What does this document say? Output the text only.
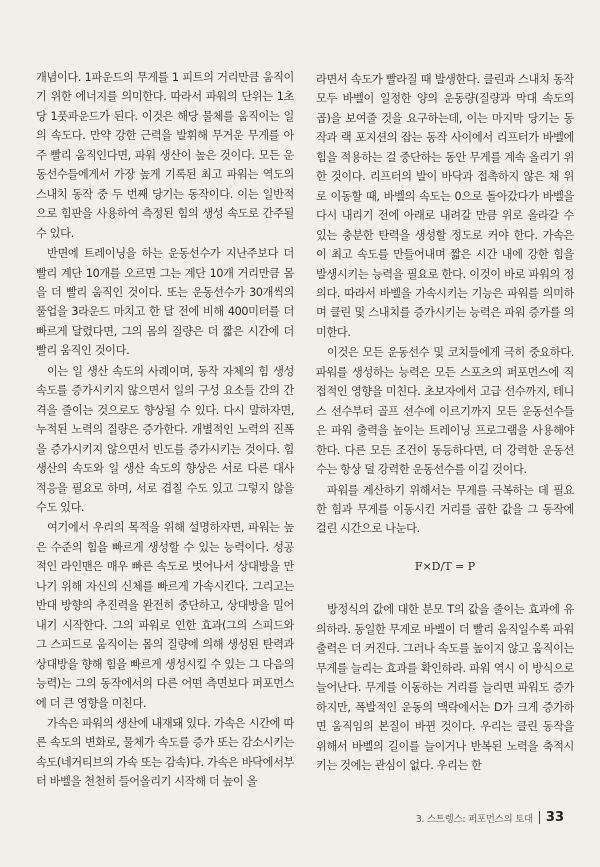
개념이다. 1파운드의 무게를 1 피트의 거리만큼 움직이기 위한 에너지를 의미한다. 따라서 파워의 단위는 1초당 1풋파운드가 된다. 이것은 해당 물체를 움직이는 일의 속도다. 만약 강한 근력을 발휘해 무거운 무게를 아주 빨리 움직인다면, 파워 생산이 높은 것이다. 모든 운동선수들에게서 가장 높게 기록된 최고 파워는 역도의 스내치 동작 중 두 번째 당기는 동작이다. 이는 일반적으로 힘판을 사용하여 측정된 힘의 생성 속도로 간주될 수 있다.

반면에 트레이닝을 하는 운동선수가 지난주보다 더 빨리 계단 10개를 오르면 그는 계단 10개 거리만큼 몸을 더 빨리 움직인 것이다. 또는 운동선수가 30개씩의 풀업을 3라운드 마치고 한 달 전에 비해 400미터를 더 빠르게 달렸다면, 그의 몸의 질량은 더 짧은 시간에 더 빨리 움직인 것이다.

이는 일 생산 속도의 사례이며, 동작 자체의 힘 생성 속도를 증가시키지 않으면서 일의 구성 요소들 간의 간격을 줄이는 것으로도 향상될 수 있다. 다시 말하자면, 누적된 노력의 질량은 증가한다. 개별적인 노력의 진폭을 증가시키지 않으면서 빈도를 증가시키는 것이다. 힘 생산의 속도와 일 생산 속도의 향상은 서로 다른 대사 적응을 필요로 하며, 서로 겹칠 수도 있고 그렇지 않을 수도 있다.

여기에서 우리의 목적을 위해 설명하자면, 파워는 높은 수준의 힘을 빠르게 생성할 수 있는 능력이다. 성공적인 라인맨은 매우 빠른 속도로 벗어나서 상대방을 만나기 위해 자신의 신체를 빠르게 가속시킨다. 그리고는 반대 방향의 추진력을 완전히 중단하고, 상대방을 밀어내기 시작한다. 그의 파워로 인한 효과(그의 스피드와 그 스피드로 움직이는 몸의 질량에 의해 생성된 탄력과 상대방을 향해 힘을 빠르게 생성시킬 수 있는 그 다음의 능력)는 그의 동작에서의 다른 어떤 측면보다 퍼포먼스에 더 큰 영향을 미친다.

가속은 파워의 생산에 내재돼 있다. 가속은 시간에 따른 속도의 변화로, 물체가 속도를 증가 또는 감소시키는 속도(네거티브의 가속 또는 감속)다. 가속은 바닥에서부터 바벨을 천천히 들어올리기 시작해 더 높이 올

라면서 속도가 빨라질 때 발생한다. 클린과 스내치 동작 모두 바벨이 일정한 양의 운동량(질량과 막대 속도의 곱)을 보여줄 것을 요구하는데, 이는 마지막 당기는 동작과 랙 포지션의 잡는 동작 사이에서 리프터가 바벨에 힘을 적용하는 걸 중단하는 동안 무게를 계속 올리기 위한 것이다. 리프터의 발이 바닥과 접촉하지 않은 채 위로 이동할 때, 바벨의 속도는 0으로 돌아갔다가 바벨을 다시 내리기 전에 아래로 내려갈 만큼 위로 올라갈 수 있는 충분한 탄력을 생성할 정도로 커야 한다. 가속은 이 최고 속도를 만들어내며 짧은 시간 내에 강한 힘을 발생시키는 능력을 필요로 한다. 이것이 바로 파워의 정의다. 따라서 바벨을 가속시키는 기능은 파워를 의미하며 클린 및 스내치를 증가시키는 능력은 파워 증가를 의미한다.

이것은 모든 운동선수 및 코치들에게 극히 중요하다. 파워를 생성하는 능력은 모든 스포츠의 퍼포먼스에 직접적인 영향을 미친다. 초보자에서 고급 선수까지, 테니스 선수부터 골프 선수에 이르기까지 모든 운동선수들은 파워 출력을 높이는 트레이닝 프로그램을 사용해야 한다. 다른 모든 조건이 동등하다면, 더 강력한 운동선수는 항상 덜 강력한 운동선수를 이길 것이다.

파워를 계산하기 위해서는 무게를 극복하는 데 필요한 힘과 무게를 이동시킨 거리를 곱한 값을 그 동작에 걸린 시간으로 나눈다.

F×D/T = P

방정식의 값에 대한 분모 T의 값을 줄이는 효과에 유의하라. 동일한 무게로 바벨이 더 빨리 움직일수록 파워 출력은 더 커진다. 그러나 속도를 높이지 않고 움직이는 무게를 늘리는 효과를 확인하라. 파워 역시 이 방식으로 늘어난다. 무게를 이동하는 거리를 늘리면 파워도 증가하지만, 폭발적인 운동의 맥락에서는 D가 크게 증가하면 움직임의 본질이 바뀐 것이다. 우리는 클린 동작을 위해서 바벨의 길이를 늘이거나 반복된 노력을 축적시키는 것에는 관심이 없다. 우리는 한

3. 스트렝스: 퍼포먼스의 토대 33
